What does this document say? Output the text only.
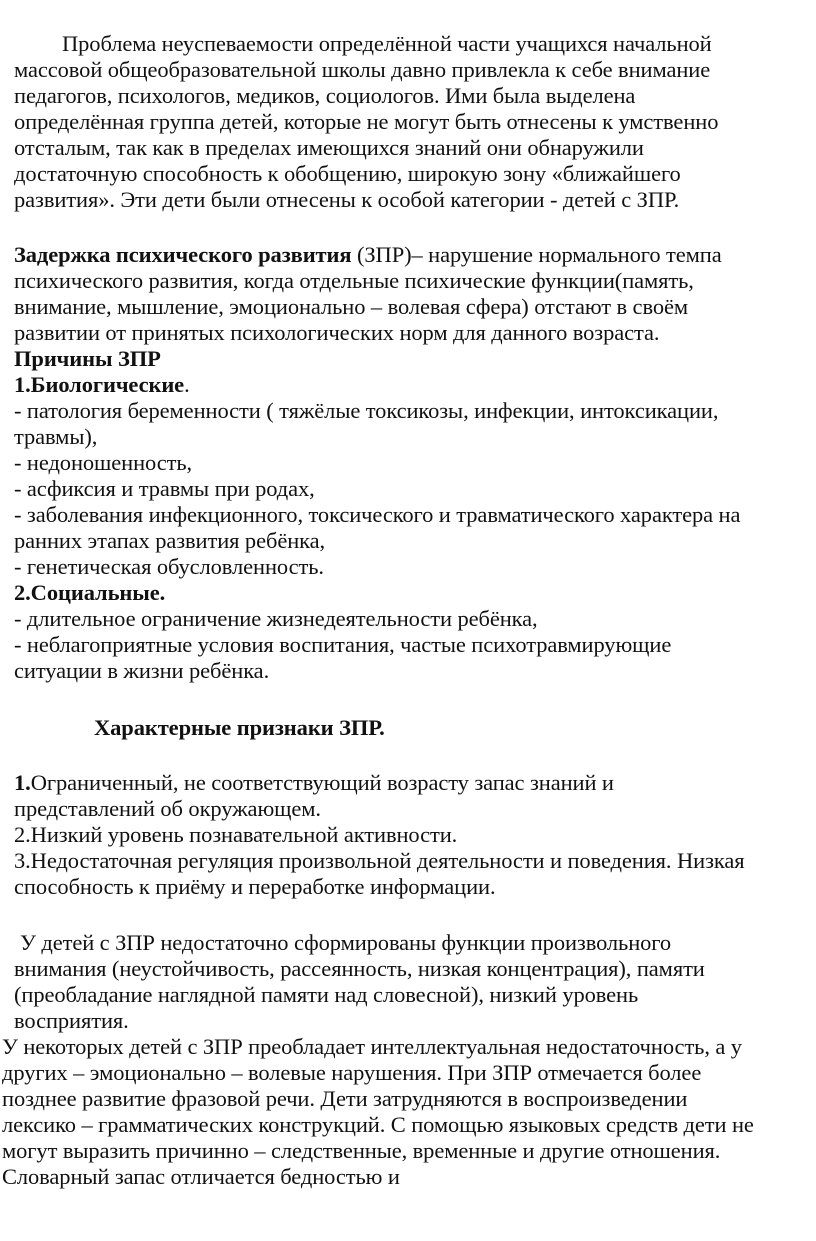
Проблема неуспеваемости определённой части учащихся начальной
массовой общеобразовательной школы давно привлекла к себе внимание
педагогов, психологов, медиков, социологов. Ими была выделена
определённая группа детей, которые не могут быть отнесены к умственно
отсталым, так как в пределах имеющихся знаний они обнаружили
достаточную способность к обобщению, широкую зону «ближайшего
развития». Эти дети были отнесены к особой категории - детей с ЗПР.
Задержка психического развития (ЗПР)– нарушение нормального темпа
психического развития, когда отдельные психические функции(память,
внимание, мышление, эмоционально – волевая сфера) отстают в своём
развитии от принятых психологических норм для данного возраста.
Причины ЗПР
1.Биологические.
- патология беременности ( тяжёлые токсикозы, инфекции, интоксикации,
травмы),
- недоношенность,
- асфиксия и травмы при родах,
- заболевания инфекционного, токсического и травматического характера на
ранних этапах развития ребёнка,
- генетическая обусловленность.
2.Социальные.
- длительное ограничение жизнедеятельности ребёнка,
- неблагоприятные условия воспитания, частые психотравмирующие
ситуации в жизни ребёнка.
Характерные признаки ЗПР.
1.Ограниченный, не соответствующий возрасту запас знаний и
представлений об окружающем.
2.Низкий уровень познавательной активности.
3.Недостаточная регуляция произвольной деятельности и поведения. Низкая
способность к приёму и переработке информации.
У детей с ЗПР недостаточно сформированы функции произвольного
внимания (неустойчивость, рассеянность, низкая концентрация), памяти
(преобладание наглядной памяти над словесной), низкий уровень
восприятия.
У некоторых детей с ЗПР преобладает интеллектуальная недостаточность, а у
других – эмоционально – волевые нарушения. При ЗПР отмечается более
позднее развитие фразовой речи. Дети затрудняются в воспроизведении
лексико – грамматических конструкций. С помощью языковых средств дети не
могут выразить причинно – следственные, временные и другие отношения.
Словарный запас отличается бедностью и
